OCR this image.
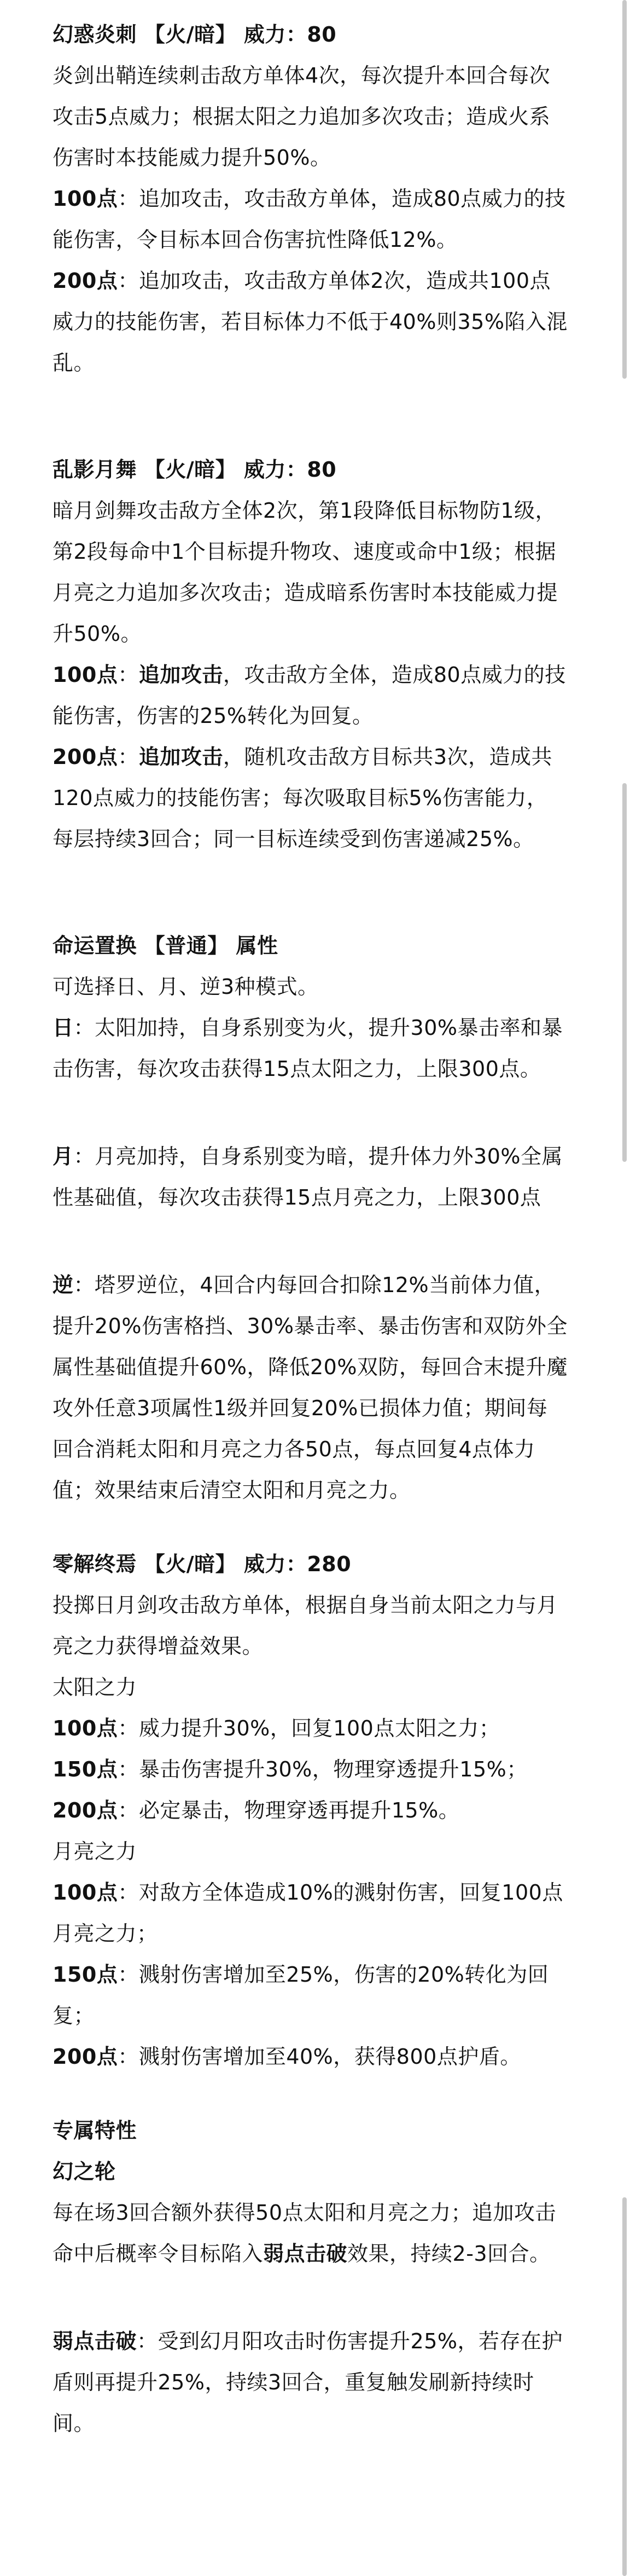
幻惑炎刺 【火/暗】 威力：80
炎剑出鞘连续刺击敌方单体4次，每次提升本回合每次
攻击5点威力；根据太阳之力追加多次攻击；造成火系
伤害时本技能威力提升50%。
100点：追加攻击，攻击敌方单体，造成80点威力的技
能伤害，令目标本回合伤害抗性降低12%。
200点：追加攻击，攻击敌方单体2次，造成共100点
威力的技能伤害，若目标体力不低于40%则35%陷入混
乱。
乱影月舞 【火/暗】 威力：80
暗月剑舞攻击敌方全体2次，第1段降低目标物防1级，
第2段每命中1个目标提升物攻、速度或命中1级；根据
月亮之力追加多次攻击；造成暗系伤害时本技能威力提
升50%。
100点：追加攻击，攻击敌方全体，造成80点威力的技
能伤害，伤害的25%转化为回复。
200点：追加攻击，随机攻击敌方目标共3次，造成共
120点威力的技能伤害；每次吸取目标5%伤害能力，
每层持续3回合；同一目标连续受到伤害递减25%。
命运置换 【普通】 属性
可选择日、月、逆3种模式。
日：太阳加持，自身系别变为火，提升30%暴击率和暴
击伤害，每次攻击获得15点太阳之力，上限300点。
月：月亮加持，自身系别变为暗，提升体力外30%全属
性基础值，每次攻击获得15点月亮之力，上限300点
逆：塔罗逆位，4回合内每回合扣除12%当前体力值，
提升20%伤害格挡、30%暴击率、暴击伤害和双防外全
属性基础值提升60%，降低20%双防，每回合末提升魔
攻外任意3项属性1级并回复20%已损体力值；期间每
回合消耗太阳和月亮之力各50点，每点回复4点体力
值；效果结束后清空太阳和月亮之力。
零解终焉 【火/暗】 威力：280
投掷日月剑攻击敌方单体，根据自身当前太阳之力与月
亮之力获得增益效果。
太阳之力
100点：威力提升30%，回复100点太阳之力；
150点：暴击伤害提升30%，物理穿透提升15%；
200点：必定暴击，物理穿透再提升15%。
月亮之力
100点：对敌方全体造成10%的溅射伤害，回复100点
月亮之力；
150点：溅射伤害增加至25%，伤害的20%转化为回
复；
200点：溅射伤害增加至40%，获得800点护盾。
专属特性
幻之轮
每在场3回合额外获得50点太阳和月亮之力；追加攻击
命中后概率令目标陷入弱点击破效果，持续2-3回合。
弱点击破：受到幻月阳攻击时伤害提升25%，若存在护
盾则再提升25%，持续3回合，重复触发刷新持续时
间。
